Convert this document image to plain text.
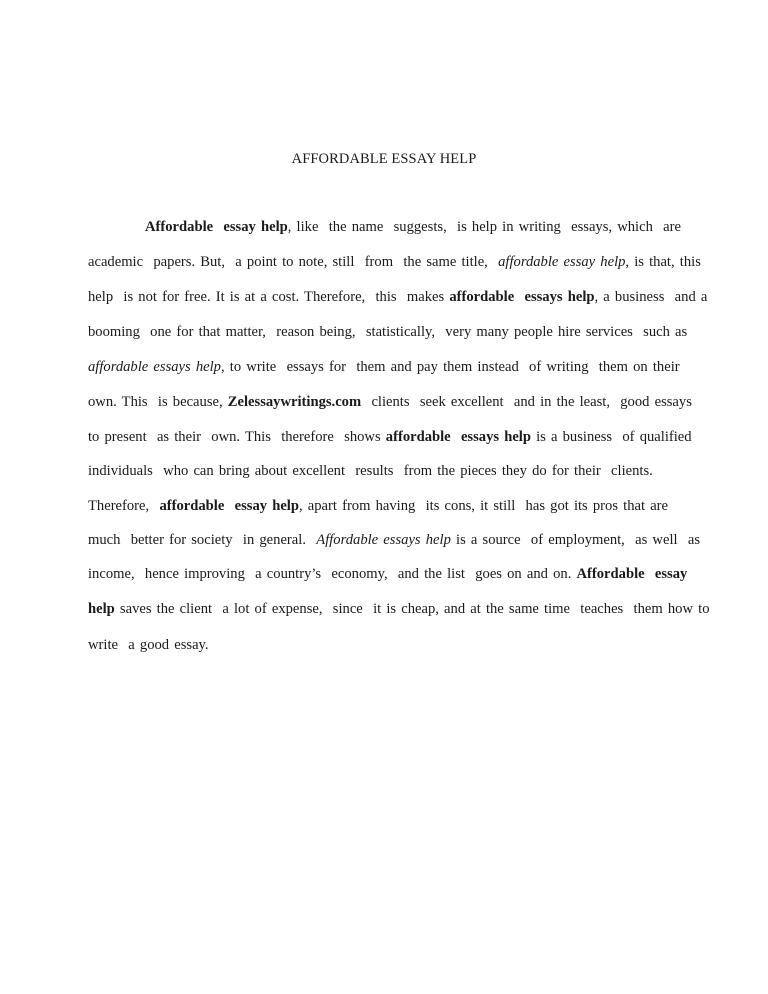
AFFORDABLE ESSAY HELP
Affordable  essay help, like  the name  suggests,  is help in writing  essays, which  are
academic  papers. But,  a point to note, still  from  the same title,  affordable essay help, is that, this
help  is not for free. It is at a cost. Therefore,  this  makes affordable  essays help, a business  and a
booming  one for that matter,  reason being,  statistically,  very many people hire services  such as
affordable essays help, to write  essays for  them and pay them instead  of writing  them on their
own. This  is because, Zelessaywritings.com  clients  seek excellent  and in the least,  good essays
to present  as their  own. This  therefore  shows affordable  essays help is a business  of qualified
individuals  who can bring about excellent  results  from the pieces they do for their  clients.
Therefore,  affordable  essay help, apart from having  its cons, it still  has got its pros that are
much  better for society  in general.  Affordable essays help is a source  of employment,  as well  as
income,  hence improving  a country’s  economy,  and the list  goes on and on. Affordable  essay
help saves the client  a lot of expense,  since  it is cheap, and at the same time  teaches  them how to
write  a good essay.
